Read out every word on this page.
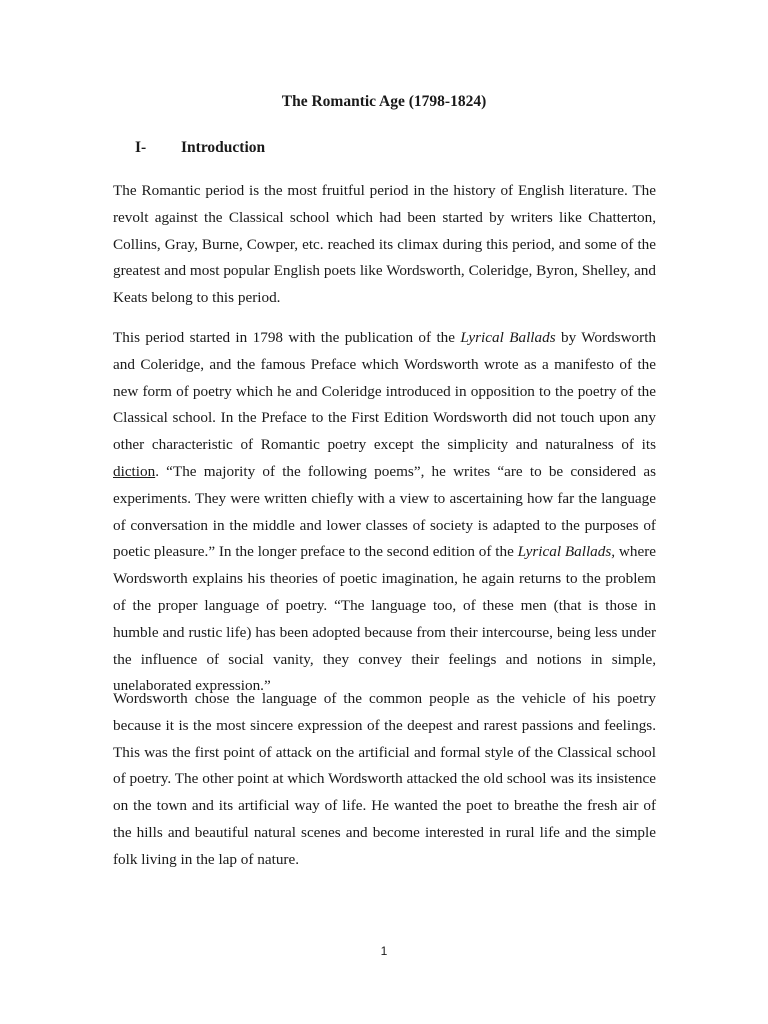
The Romantic Age (1798-1824)
I- Introduction

The Romantic period is the most fruitful period in the history of English literature. The revolt against the Classical school which had been started by writers like Chatterton, Collins, Gray, Burne, Cowper, etc. reached its climax during this period, and some of the greatest and most popular English poets like Wordsworth, Coleridge, Byron, Shelley, and Keats belong to this period.

This period started in 1798 with the publication of the Lyrical Ballads by Wordsworth and Coleridge, and the famous Preface which Wordsworth wrote as a manifesto of the new form of poetry which he and Coleridge introduced in opposition to the poetry of the Classical school. In the Preface to the First Edition Wordsworth did not touch upon any other characteristic of Romantic poetry except the simplicity and naturalness of its diction. “The majority of the following poems”, he writes “are to be considered as experiments. They were written chiefly with a view to ascertaining how far the language of conversation in the middle and lower classes of society is adapted to the purposes of poetic pleasure.” In the longer preface to the second edition of the Lyrical Ballads, where Wordsworth explains his theories of poetic imagination, he again returns to the problem of the proper language of poetry. “The language too, of these men (that is those in humble and rustic life) has been adopted because from their intercourse, being less under the influence of social vanity, they convey their feelings and notions in simple, unelaborated expression.”

Wordsworth chose the language of the common people as the vehicle of his poetry because it is the most sincere expression of the deepest and rarest passions and feelings. This was the first point of attack on the artificial and formal style of the Classical school of poetry. The other point at which Wordsworth attacked the old school was its insistence on the town and its artificial way of life. He wanted the poet to breathe the fresh air of the hills and beautiful natural scenes and become interested in rural life and the simple folk living in the lap of nature.

1
